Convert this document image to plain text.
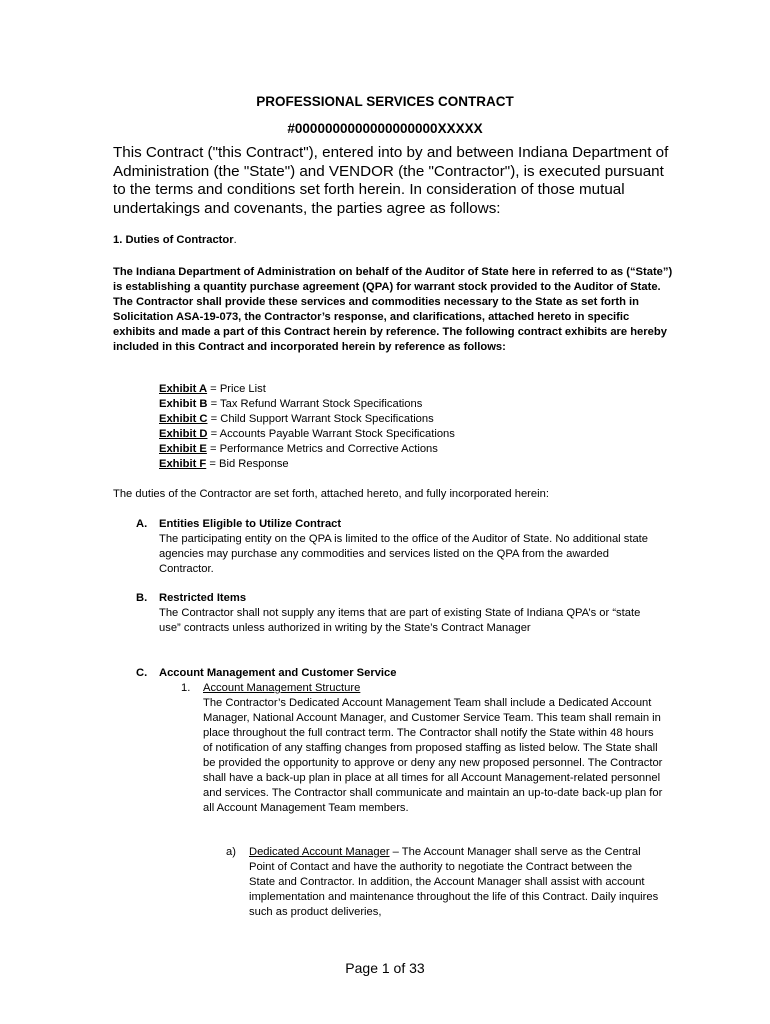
PROFESSIONAL SERVICES CONTRACT
#0000000000000000000XXXXX
This Contract ("this Contract"), entered into by and between Indiana Department of Administration (the "State") and VENDOR (the "Contractor"), is executed pursuant to the terms and conditions set forth herein. In consideration of those mutual undertakings and covenants, the parties agree as follows:
1. Duties of Contractor.
The Indiana Department of Administration on behalf of the Auditor of State here in referred to as (“State”) is establishing a quantity purchase agreement (QPA) for warrant stock provided to the Auditor of State. The Contractor shall provide these services and commodities necessary to the State as set forth in Solicitation ASA-19-073, the Contractor’s response, and clarifications, attached hereto in specific exhibits and made a part of this Contract herein by reference. The following contract exhibits are hereby included in this Contract and incorporated herein by reference as follows:
Exhibit A = Price List
Exhibit B = Tax Refund Warrant Stock Specifications
Exhibit C = Child Support Warrant Stock Specifications
Exhibit D = Accounts Payable Warrant Stock Specifications
Exhibit E = Performance Metrics and Corrective Actions
Exhibit F = Bid Response
The duties of the Contractor are set forth, attached hereto, and fully incorporated herein:
A. Entities Eligible to Utilize Contract
The participating entity on the QPA is limited to the office of the Auditor of State. No additional state agencies may purchase any commodities and services listed on the QPA from the awarded Contractor.
B. Restricted Items
The Contractor shall not supply any items that are part of existing State of Indiana QPA’s or “state use” contracts unless authorized in writing by the State’s Contract Manager
C. Account Management and Customer Service
1. Account Management Structure
The Contractor’s Dedicated Account Management Team shall include a Dedicated Account Manager, National Account Manager, and Customer Service Team. This team shall remain in place throughout the full contract term. The Contractor shall notify the State within 48 hours of notification of any staffing changes from proposed staffing as listed below. The State shall be provided the opportunity to approve or deny any new proposed personnel. The Contractor shall have a back-up plan in place at all times for all Account Management-related personnel and services. The Contractor shall communicate and maintain an up-to-date back-up plan for all Account Management Team members.
a) Dedicated Account Manager – The Account Manager shall serve as the Central Point of Contact and have the authority to negotiate the Contract between the State and Contractor. In addition, the Account Manager shall assist with account implementation and maintenance throughout the life of this Contract. Daily inquires such as product deliveries,
Page 1 of 33
